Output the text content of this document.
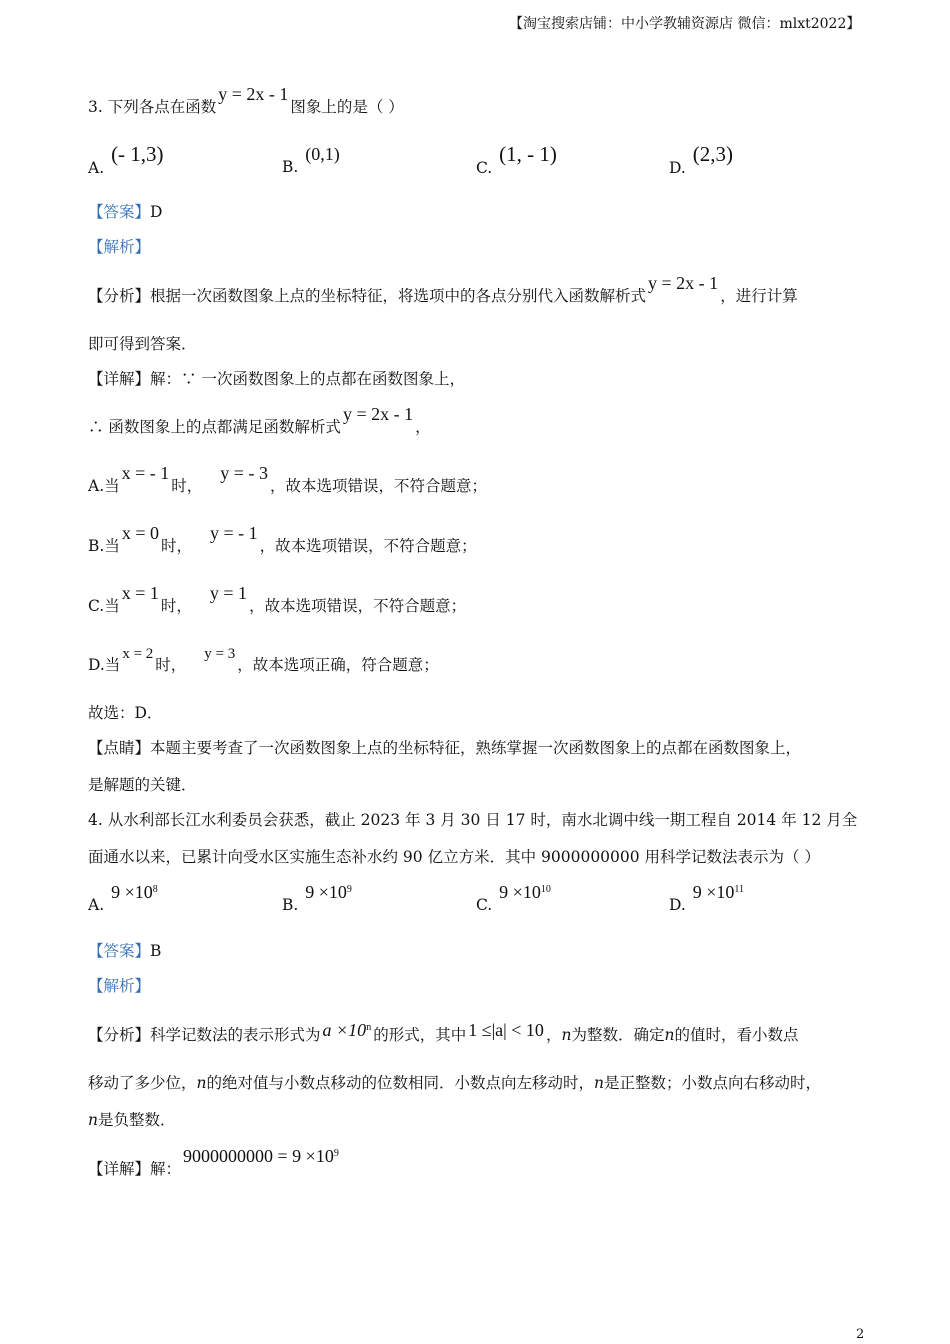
【淘宝搜索店铺：中小学教辅资源店 微信：mlxt2022】
3. 下列各点在函数y = 2x - 1图象上的是（ ）
A. (- 1,3)
B. (0,1)
C. (1, - 1)
D. (2,3)
【答案】D
【解析】
【分析】根据一次函数图象上点的坐标特征，将选项中的各点分别代入函数解析式y = 2x - 1，进行计算
即可得到答案．
【详解】解：∵ 一次函数图象上的点都在函数图象上，
∴ 函数图象上的点都满足函数解析式y = 2x - 1，
A.当x = - 1时，y = - 3，故本选项错误，不符合题意；
B.当x = 0时，y = - 1，故本选项错误，不符合题意；
C.当x = 1时，y = 1，故本选项错误，不符合题意；
D.当x = 2时，y = 3，故本选项正确，符合题意；
故选：D．
【点睛】本题主要考查了一次函数图象上点的坐标特征，熟练掌握一次函数图象上的点都在函数图象上，
是解题的关键．
4. 从水利部长江水利委员会获悉，截止 2023 年 3 月 30 日 17 时，南水北调中线一期工程自 2014 年 12 月全
面通水以来，已累计向受水区实施生态补水约 90 亿立方米．其中 9000000000 用科学记数法表示为（ ）
A. $9 \times 10^8$
B. $9 \times 10^9$
C. $9 \times 10^{10}$
D. $9 \times 10^{11}$
【答案】B
【解析】
【分析】科学记数法的表示形式为 $a \times 10^n$ 的形式，其中 1 ≤|a| < 10 ，n为整数．确定n的值时，看小数点
移动了多少位，n的绝对值与小数点移动的位数相同．小数点向左移动时，n是正整数；小数点向右移动时，
n是负整数．
【详解】解：$9000000000 = 9 \times 10^9$
2
